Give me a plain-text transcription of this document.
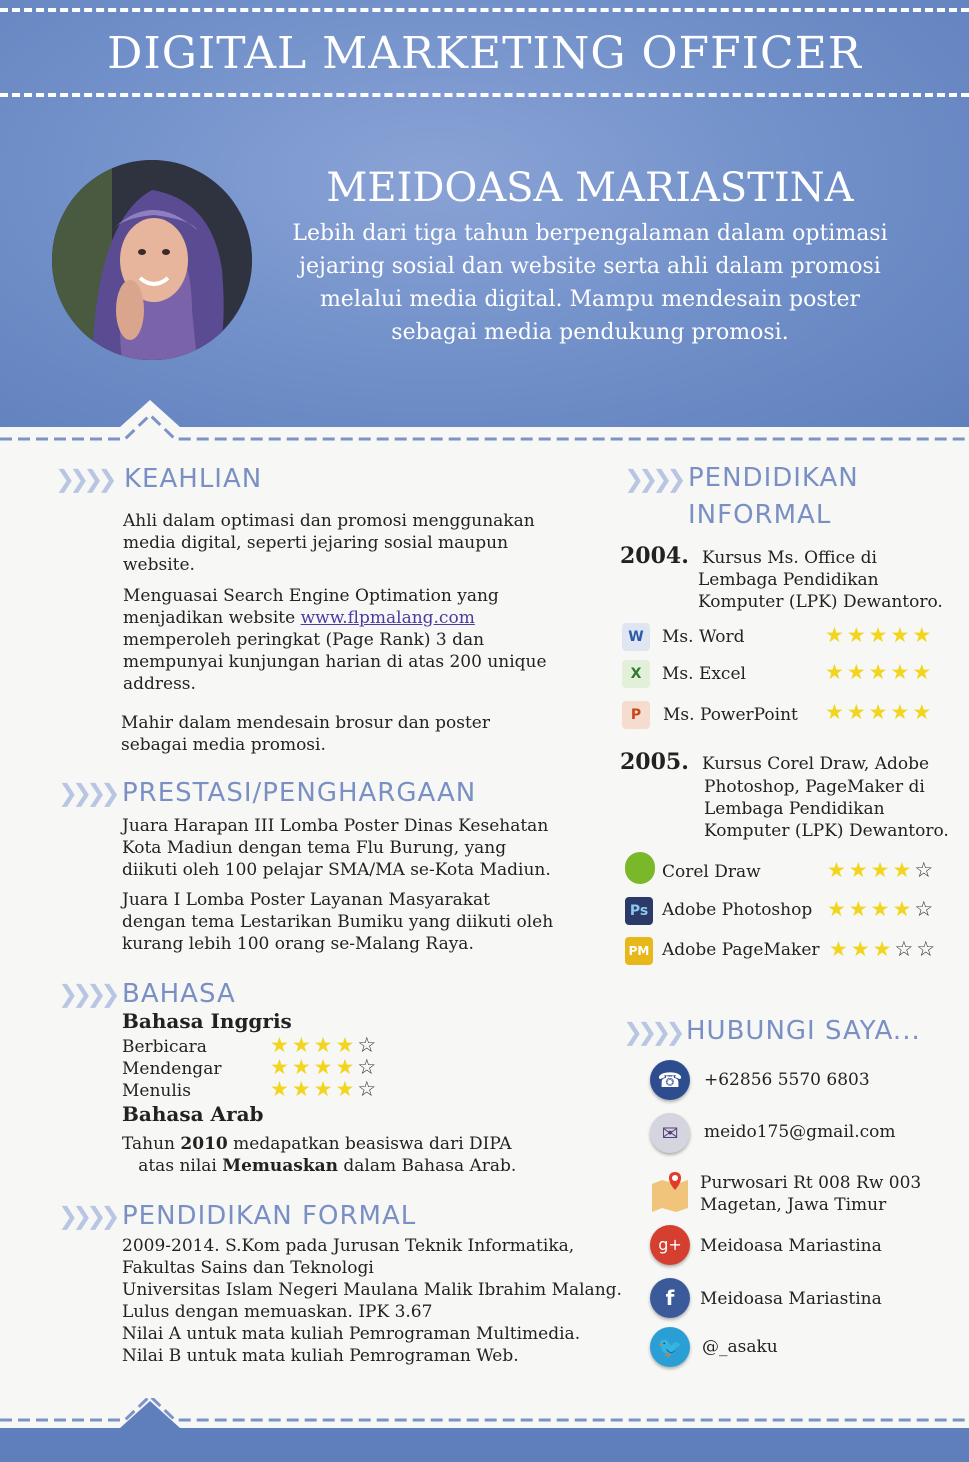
DIGITAL MARKETING OFFICER
MEIDOASA MARIASTINA
Lebih dari tiga tahun berpengalaman dalam optimasi jejaring sosial dan website serta ahli dalam promosi melalui media digital. Mampu mendesain poster sebagai media pendukung promosi.
❯❯❯❯ KEAHLIAN
Ahli dalam optimasi dan promosi menggunakan media digital, seperti jejaring sosial maupun website.
Menguasai Search Engine Optimation yang menjadikan website www.flpmalang.com memperoleh peringkat (Page Rank) 3 dan mempunyai kunjungan harian di atas 200 unique address.
Mahir dalam mendesain brosur dan poster sebagai media promosi.
❯❯❯❯ PRESTASI/PENGHARGAAN
Juara Harapan III Lomba Poster Dinas Kesehatan Kota Madiun dengan tema Flu Burung, yang diikuti oleh 100 pelajar SMA/MA se-Kota Madiun.
Juara I Lomba Poster Layanan Masyarakat dengan tema Lestarikan Bumiku yang diikuti oleh kurang lebih 100 orang se-Malang Raya.
❯❯❯❯ BAHASA
Bahasa Inggris
Berbicara	★★★★☆
Mendengar ★★★★☆
Menulis	★★★★☆
Bahasa Arab
Tahun 2010 medapatkan beasiswa dari DIPA
atas nilai Memuaskan dalam Bahasa Arab.
❯❯❯❯ PENDIDIKAN FORMAL
2009-2014. S.Kom pada Jurusan Teknik Informatika,
Fakultas Sains dan Teknologi
Universitas Islam Negeri Maulana Malik Ibrahim Malang.
Lulus dengan memuaskan. IPK 3.67
Nilai A untuk mata kuliah Pemrograman Multimedia.
Nilai B untuk mata kuliah Pemrograman Web.
❯❯❯❯ PENDIDIKAN
INFORMAL
2004. Kursus Ms. Office di
Lembaga Pendidikan
Komputer (LPK) Dewantoro.
W	Ms. Word	★★★★★
X	Ms. Excel	★★★★★
P	Ms. PowerPoint ★★★★★
2005. Kursus Corel Draw, Adobe
Photoshop, PageMaker di
Lembaga Pendidikan
Komputer (LPK) Dewantoro.
Corel Draw	★★★★☆
Ps Adobe Photoshop ★★★★☆
PM Adobe PageMaker ★★★☆☆
❯❯❯❯ HUBUNGI SAYA...
☎	+62856 5570 6803
✉	meido175@gmail.com
Purwosari Rt 008 Rw 003
Magetan, Jawa Timur
g+	Meidoasa Mariastina
f	Meidoasa Mariastina
🐦	@_asaku
